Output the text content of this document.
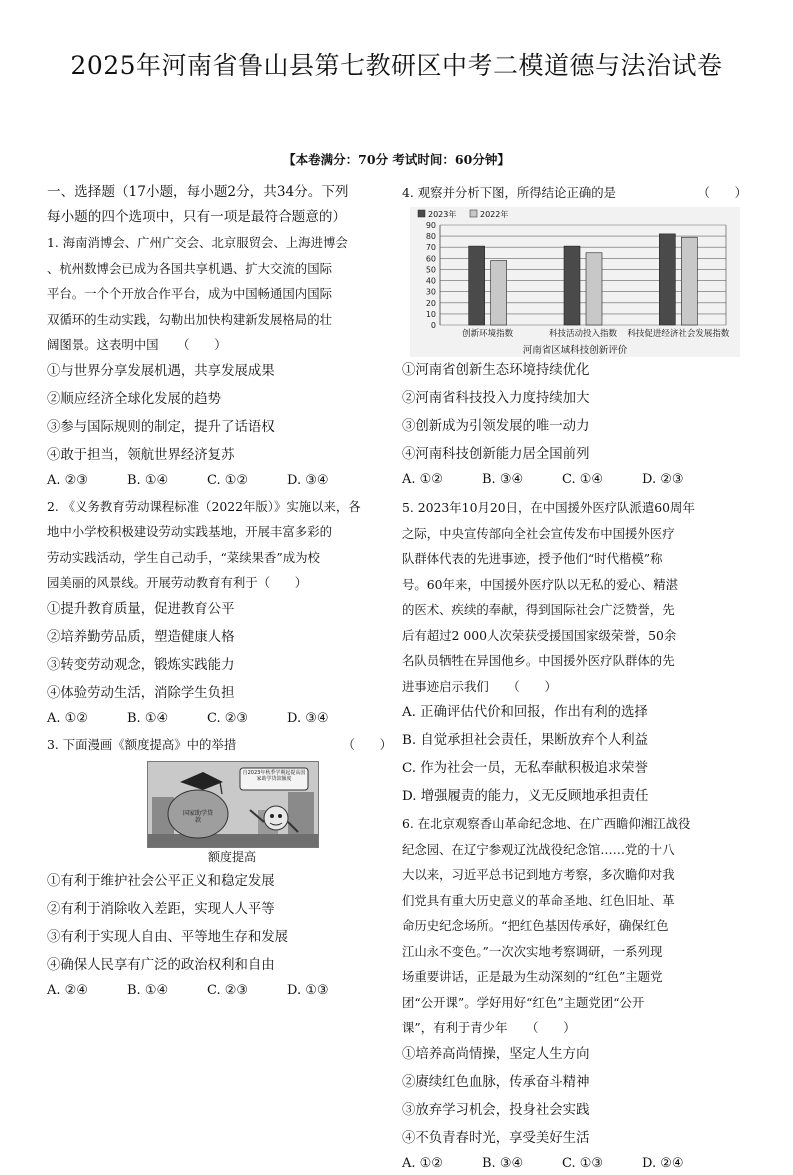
2025年河南省鲁山县第七教研区中考二模道德与法治试卷
【本卷满分：70分 考试时间：60分钟】

一、选择题（17小题，每小题2分，共34分。下列

每小题的四个选项中，只有一项是最符合题意的）

1. 海南消博会、广州广交会、北京服贸会、上海进博会

、杭州数博会已成为各国共享机遇、扩大交流的国际

平台。一个个开放合作平台，成为中国畅通国内国际

双循环的生动实践，勾勒出加快构建新发展格局的壮

阔图景。这表明中国　　（　　）

①与世界分享发展机遇，共享发展成果

②顺应经济全球化发展的趋势

③参与国际规则的制定，提升了话语权

④敢于担当，领航世界经济复苏

A. ②③	B. ①④	C. ①②	D. ③④

2. 《义务教育劳动课程标准（2022年版）》实施以来，各

地中小学校积极建设劳动实践基地，开展丰富多彩的

劳动实践活动，学生自己动手，“菜续果香”成为校

园美丽的风景线。开展劳动教育有利于（　　）

①提升教育质量，促进教育公平

②培养勤劳品质，塑造健康人格

③转变劳动观念，锻炼实践能力

④体验劳动生活，消除学生负担

A. ①②	B. ①④	C. ②③	D. ③④
3. 下面漫画《额度提高》中的举措	（　　）
自2023年秋季学期起提高国家助学贷款额度
国家助学贷款
额度提高

①有利于维护社会公平正义和稳定发展

②有利于消除收入差距，实现人人平等

③有利于实现人自由、平等地生存和发展

④确保人民享有广泛的政治权利和自由

A. ②④	B. ①④	C. ②③	D. ①③
4. 观察并分析下图，所得结论正确的是	（　　）
0
10
20
30
40
50
60
70
80
90
创新环境指数	科技活动投入指数 科技促进经济社会发展指数
2023年	2022年
河南省区域科技创新评价

①河南省创新生态环境持续优化

②河南省科技投入力度持续加大

③创新成为引领发展的唯一动力

④河南科技创新能力居全国前列

A. ①②	B. ③④	C. ①④	D. ②③

5. 2023年10月20日，在中国援外医疗队派遣60周年

之际，中央宣传部向全社会宣传发布中国援外医疗

队群体代表的先进事迹，授予他们“时代楷模”称

号。60年来，中国援外医疗队以无私的爱心、精湛

的医术、疾续的奉献，得到国际社会广泛赞誉，先

后有超过2 000人次荣获受援国国家级荣誉，50余

名队员牺牲在异国他乡。中国援外医疗队群体的先

进事迹启示我们　　（　　）

A. 正确评估代价和回报，作出有利的选择

B. 自觉承担社会责任，果断放弃个人利益

C. 作为社会一员，无私奉献积极追求荣誉

D. 增强履责的能力，义无反顾地承担责任

6. 在北京观察香山革命纪念地、在广西瞻仰湘江战役

纪念园、在辽宁参观辽沈战役纪念馆……党的十八

大以来，习近平总书记到地方考察，多次瞻仰对我

们党具有重大历史意义的革命圣地、红色旧址、革

命历史纪念场所。“把红色基因传承好，确保红色

江山永不变色。”一次次实地考察调研，一系列现

场重要讲话，正是最为生动深刻的“红色”主题党

团“公开课”。学好用好“红色”主题党团“公开

课”，有利于青少年　　（　　）

①培养高尚情操，坚定人生方向

②赓续红色血脉，传承奋斗精神

③放弃学习机会，投身社会实践

④不负青春时光，享受美好生活

A. ①②	B. ③④	C. ①③	D. ②④
